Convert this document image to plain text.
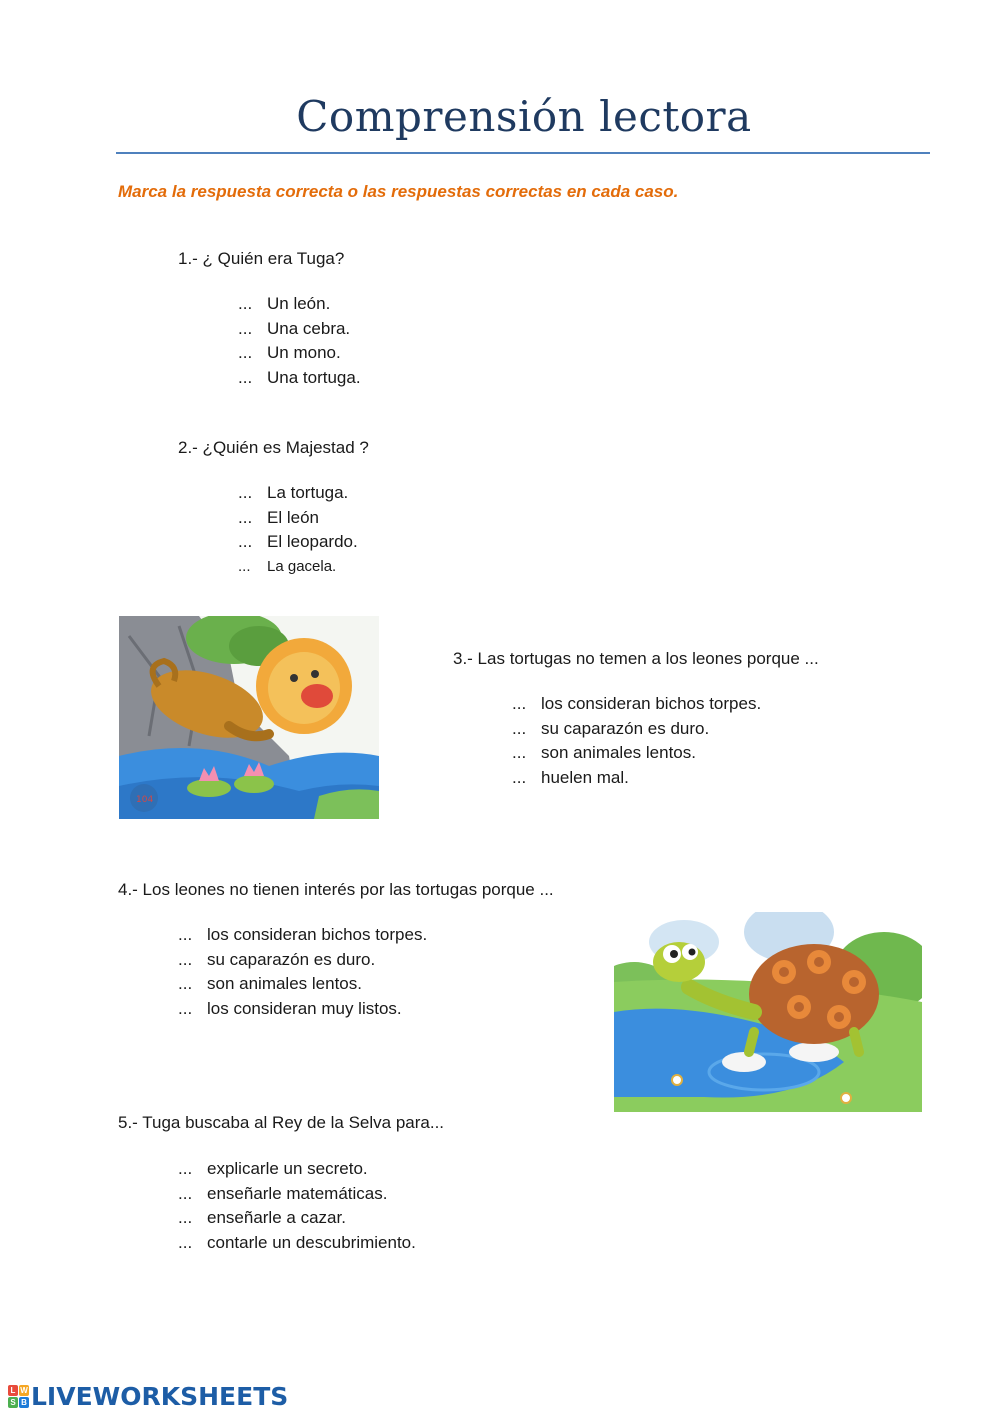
Comprensión lectora
Marca la respuesta correcta o las respuestas correctas en cada caso.
1.- ¿ Quién era Tuga?
... Un león.
... Una cebra.
... Un mono.
... Una tortuga.
2.- ¿Quién es Majestad ?
... La tortuga.
... El león
... El leopardo.
... La gacela.
104
3.- Las tortugas no temen a los leones porque ...
... los consideran bichos torpes.
... su caparazón es duro.
... son animales lentos.
... huelen mal.
4.- Los leones no tienen interés por las tortugas porque ...
... los consideran bichos torpes.
... su caparazón es duro.
... son animales lentos.
... los consideran muy listos.
5.- Tuga buscaba al Rey de la Selva para...
... explicarle un secreto.
... enseñarle matemáticas.
... enseñarle a cazar.
... contarle un descubrimiento.
L W
S B LIVEWORKSHEETS
